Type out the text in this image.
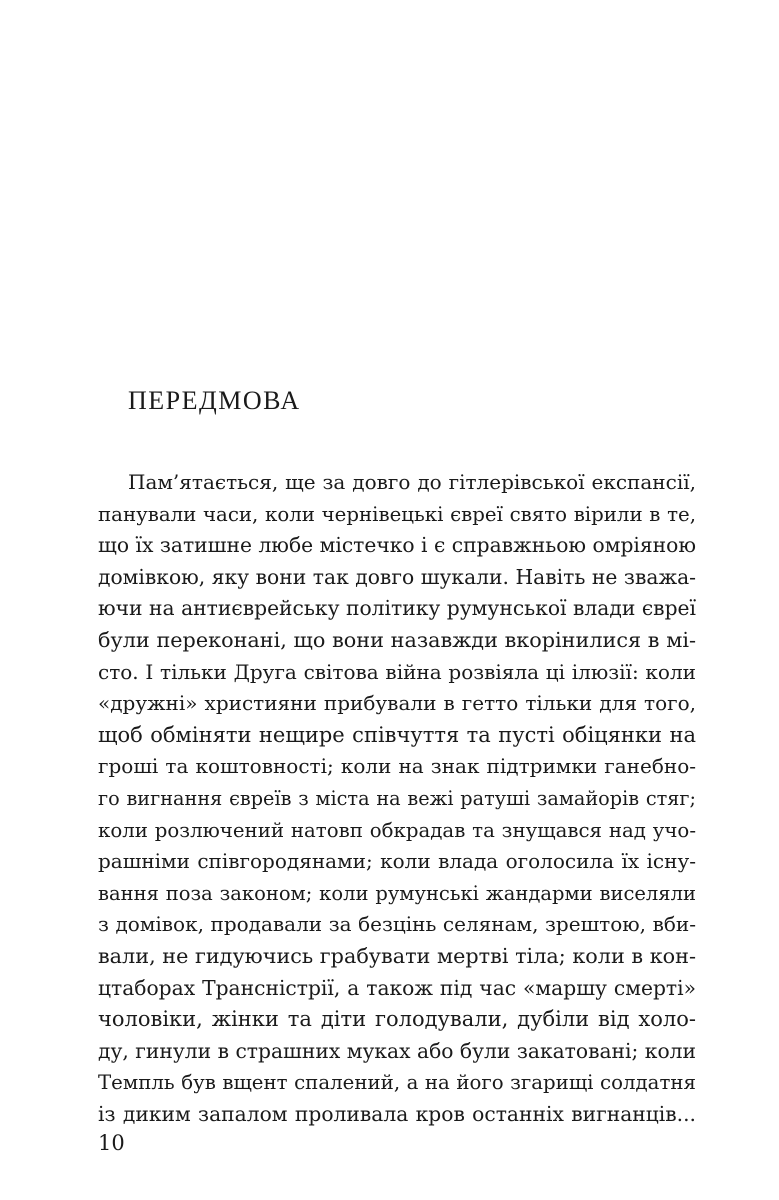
ПЕРЕДМОВА
Пам’ятається, ще за довго до гітлерівської експансії,
панували часи, коли чернівецькі євреї свято вірили в те,
що їх затишне любе містечко і є справжньою омріяною
домівкою, яку вони так довго шукали. Навіть не зважа-
ючи на антиєврейську політику румунської влади євреї
були переконані, що вони назавжди вкорінилися в мі-
сто. І тільки Друга світова війна розвіяла ці ілюзії: коли
«дружні» християни прибували в гетто тільки для того,
щоб обміняти нещире співчуття та пусті обіцянки на
гроші та коштовності; коли на знак підтримки ганебно-
го вигнання євреїв з міста на вежі ратуші замайорів стяг;
коли розлючений натовп обкрадав та знущався над учо-
рашніми співгородянами; коли влада оголосила їх існу-
вання поза законом; коли румунські жандарми виселяли
з домівок, продавали за безцінь селянам, зрештою, вби-
вали, не гидуючись грабувати мертві тіла; коли в кон-
цтаборах Трансністрії, а також під час «маршу смерті»
чоловіки, жінки та діти голодували, дубіли від холо-
ду, гинули в страшних муках або були закатовані; коли
Темпль був вщент спалений, а на його згарищі солдатня
із диким запалом проливала кров останніх вигнанців...

10
